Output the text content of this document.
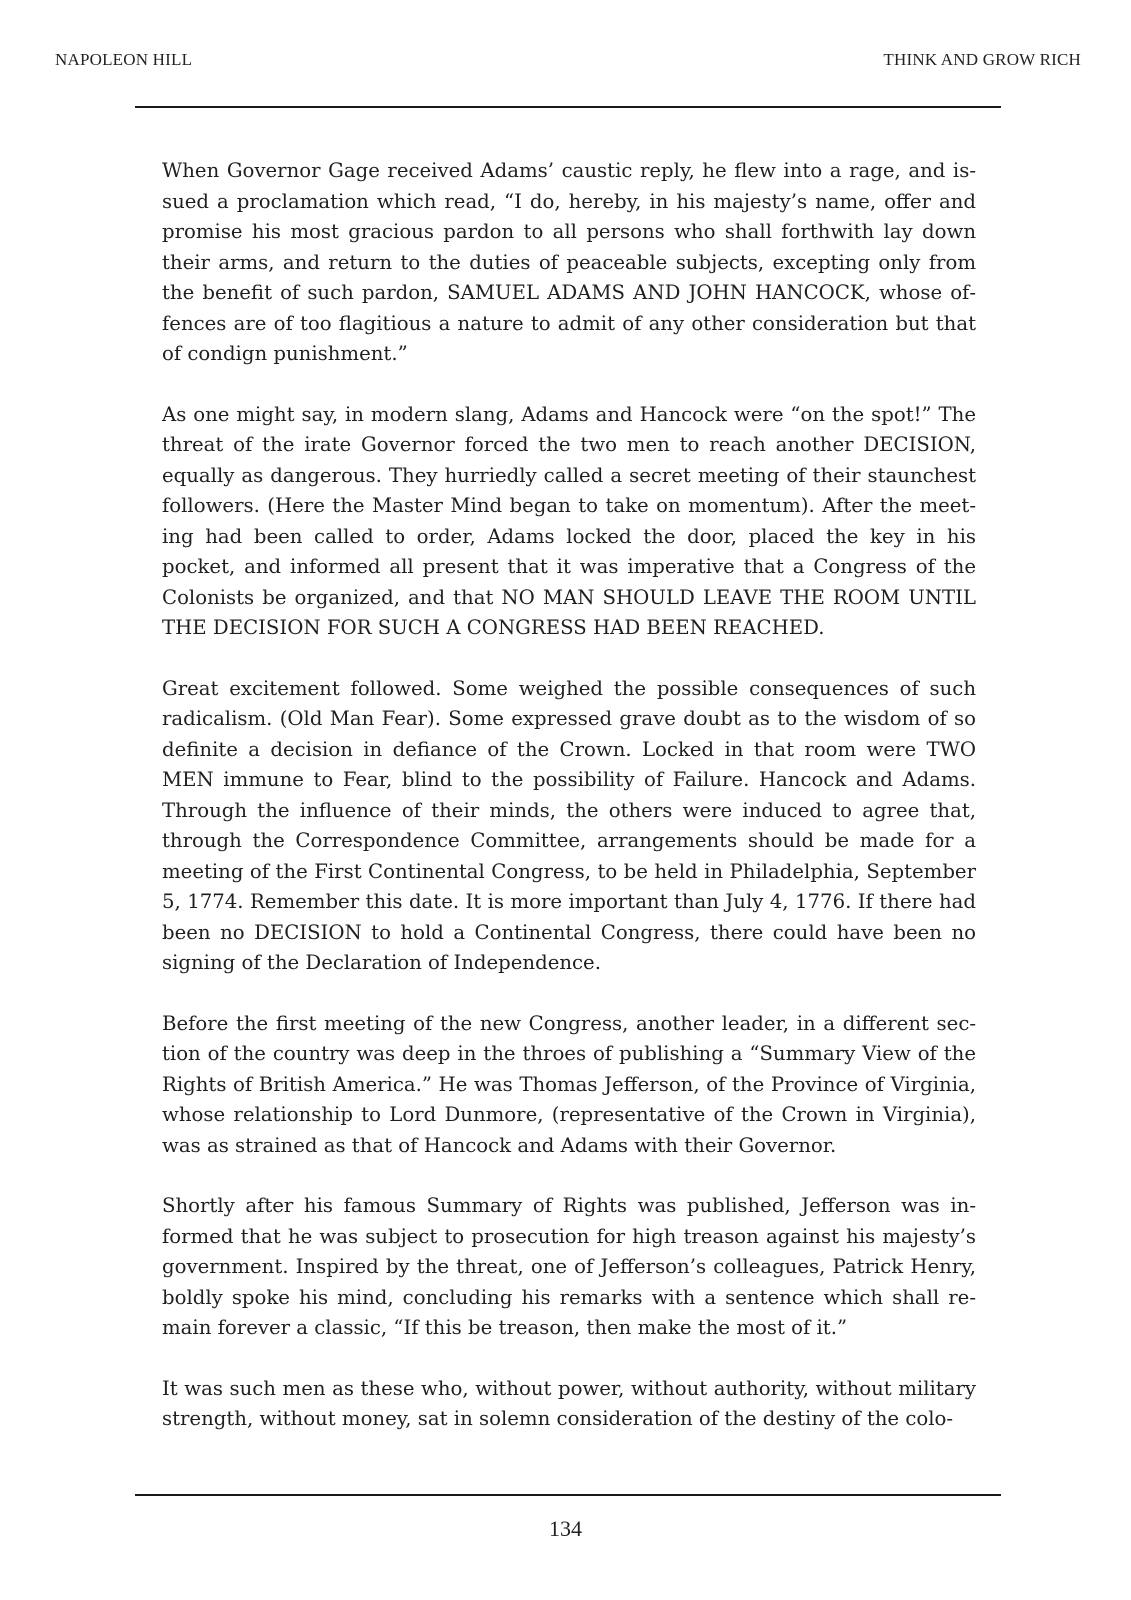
NAPOLEON HILL	THINK AND GROW RICH

When Governor Gage received Adams’ caustic reply, he flew into a rage, and issued a proclamation which read, “I do, hereby, in his majesty’s name, offer and promise his most gracious pardon to all persons who shall forthwith lay down their arms, and return to the duties of peaceable subjects, excepting only from the benefit of such pardon, SAMUEL ADAMS AND JOHN HANCOCK, whose offences are of too flagitious a nature to admit of any other consideration but that of condign punishment.”

As one might say, in modern slang, Adams and Hancock were “on the spot!” The threat of the irate Governor forced the two men to reach another DECISION, equally as dangerous. They hurriedly called a secret meeting of their staunchest followers. (Here the Master Mind began to take on momentum). After the meeting had been called to order, Adams locked the door, placed the key in his pocket, and informed all present that it was imperative that a Congress of the Colonists be organized, and that NO MAN SHOULD LEAVE THE ROOM UNTIL THE DECISION FOR SUCH A CONGRESS HAD BEEN REACHED.

Great excitement followed. Some weighed the possible consequences of such radicalism. (Old Man Fear). Some expressed grave doubt as to the wisdom of so definite a decision in defiance of the Crown. Locked in that room were TWO MEN immune to Fear, blind to the possibility of Failure. Hancock and Adams. Through the influence of their minds, the others were induced to agree that, through the Correspondence Committee, arrangements should be made for a meeting of the First Continental Congress, to be held in Philadelphia, September 5, 1774. Remember this date. It is more important than July 4, 1776. If there had been no DECISION to hold a Continental Congress, there could have been no signing of the Declaration of Independence.

Before the first meeting of the new Congress, another leader, in a different section of the country was deep in the throes of publishing a “Summary View of the Rights of British America.” He was Thomas Jefferson, of the Province of Virginia, whose relationship to Lord Dunmore, (representative of the Crown in Virginia), was as strained as that of Hancock and Adams with their Governor.

Shortly after his famous Summary of Rights was published, Jefferson was informed that he was subject to prosecution for high treason against his majesty’s government. Inspired by the threat, one of Jefferson’s colleagues, Patrick Henry, boldly spoke his mind, concluding his remarks with a sentence which shall remain forever a classic, “If this be treason, then make the most of it.”

It was such men as these who, without power, without authority, without military strength, without money, sat in solemn consideration of the destiny of the colo-

134
